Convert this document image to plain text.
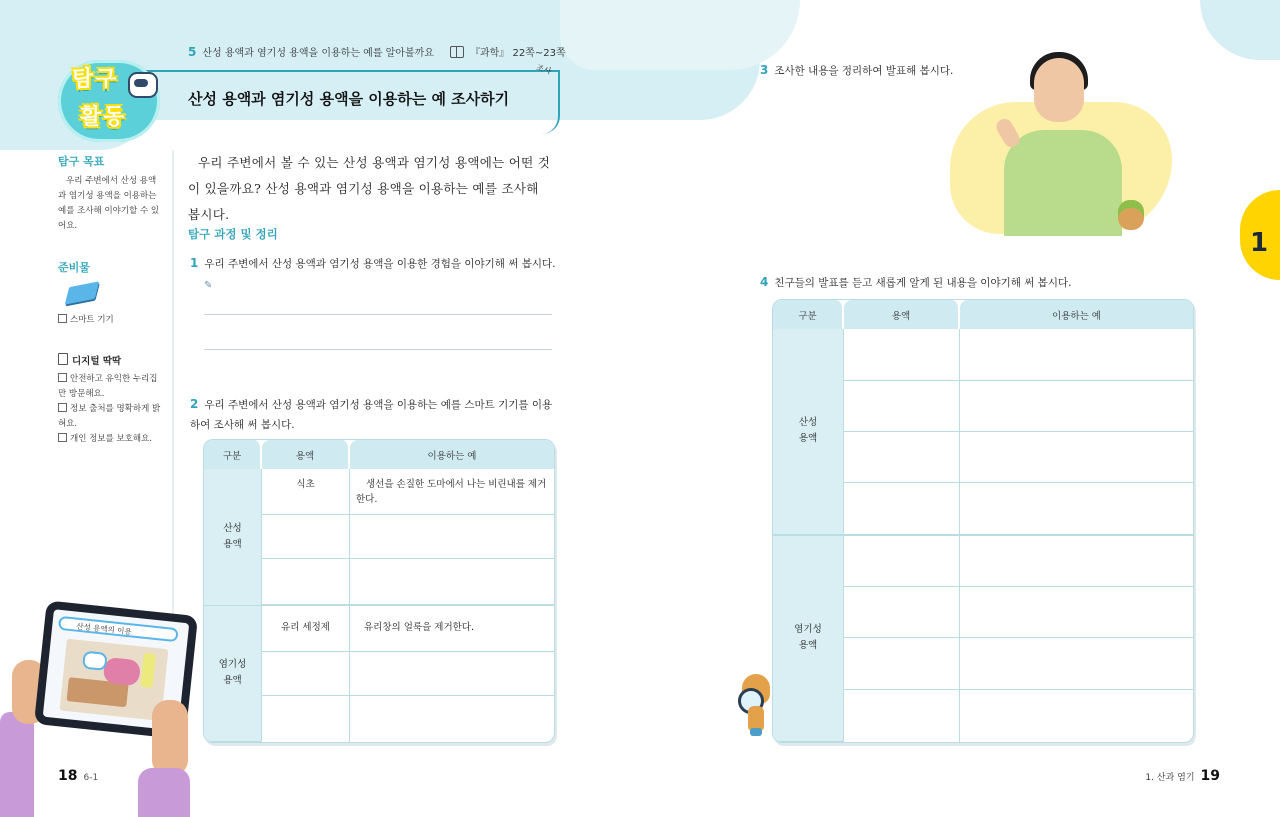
5 산성 용액과 염기성 용액을 이용하는 예를 알아볼까요	『과학』 22쪽~23쪽
조사
탐구
활동
산성 용액과 염기성 용액을 이용하는 예 조사하기
탐구 목표
우리 주변에서 산성 용액과 염기성 용액을 이용하는 예를 조사해 이야기할 수 있어요.
준비물
스마트 기기
디지털 딱딱
안전하고 유익한 누리집만 방문해요.
정보 출처를 명확하게 밝혀요.
개인 정보를 보호해요.
우리 주변에서 볼 수 있는 산성 용액과 염기성 용액에는 어떤 것이 있을까요? 산성 용액과 염기성 용액을 이용하는 예를 조사해 봅시다.
탐구 과정 및 정리
1 우리 주변에서 산성 용액과 염기성 용액을 이용한 경험을 이야기해 써 봅시다.
✎
2 우리 주변에서 산성 용액과 염기성 용액을 이용하는 예를 스마트 기기를 이용하여 조사해 써 봅시다.
구분	용액	이용하는 예
산성
용액	식초	생선을 손질한 도마에서 나는 비린내를 제거한다.

염기성
용액	유리 세정제	유리창의 얼룩을 제거한다.

산성 용액의 이용
18 6-1
3 조사한 내용을 정리하여 발표해 봅시다.
1
4 친구들의 발표를 듣고 새롭게 알게 된 내용을 이야기해 써 봅시다.
구분	용액	이용하는 예
산성
용액		

염기성
용액		

1. 산과 염기 19
